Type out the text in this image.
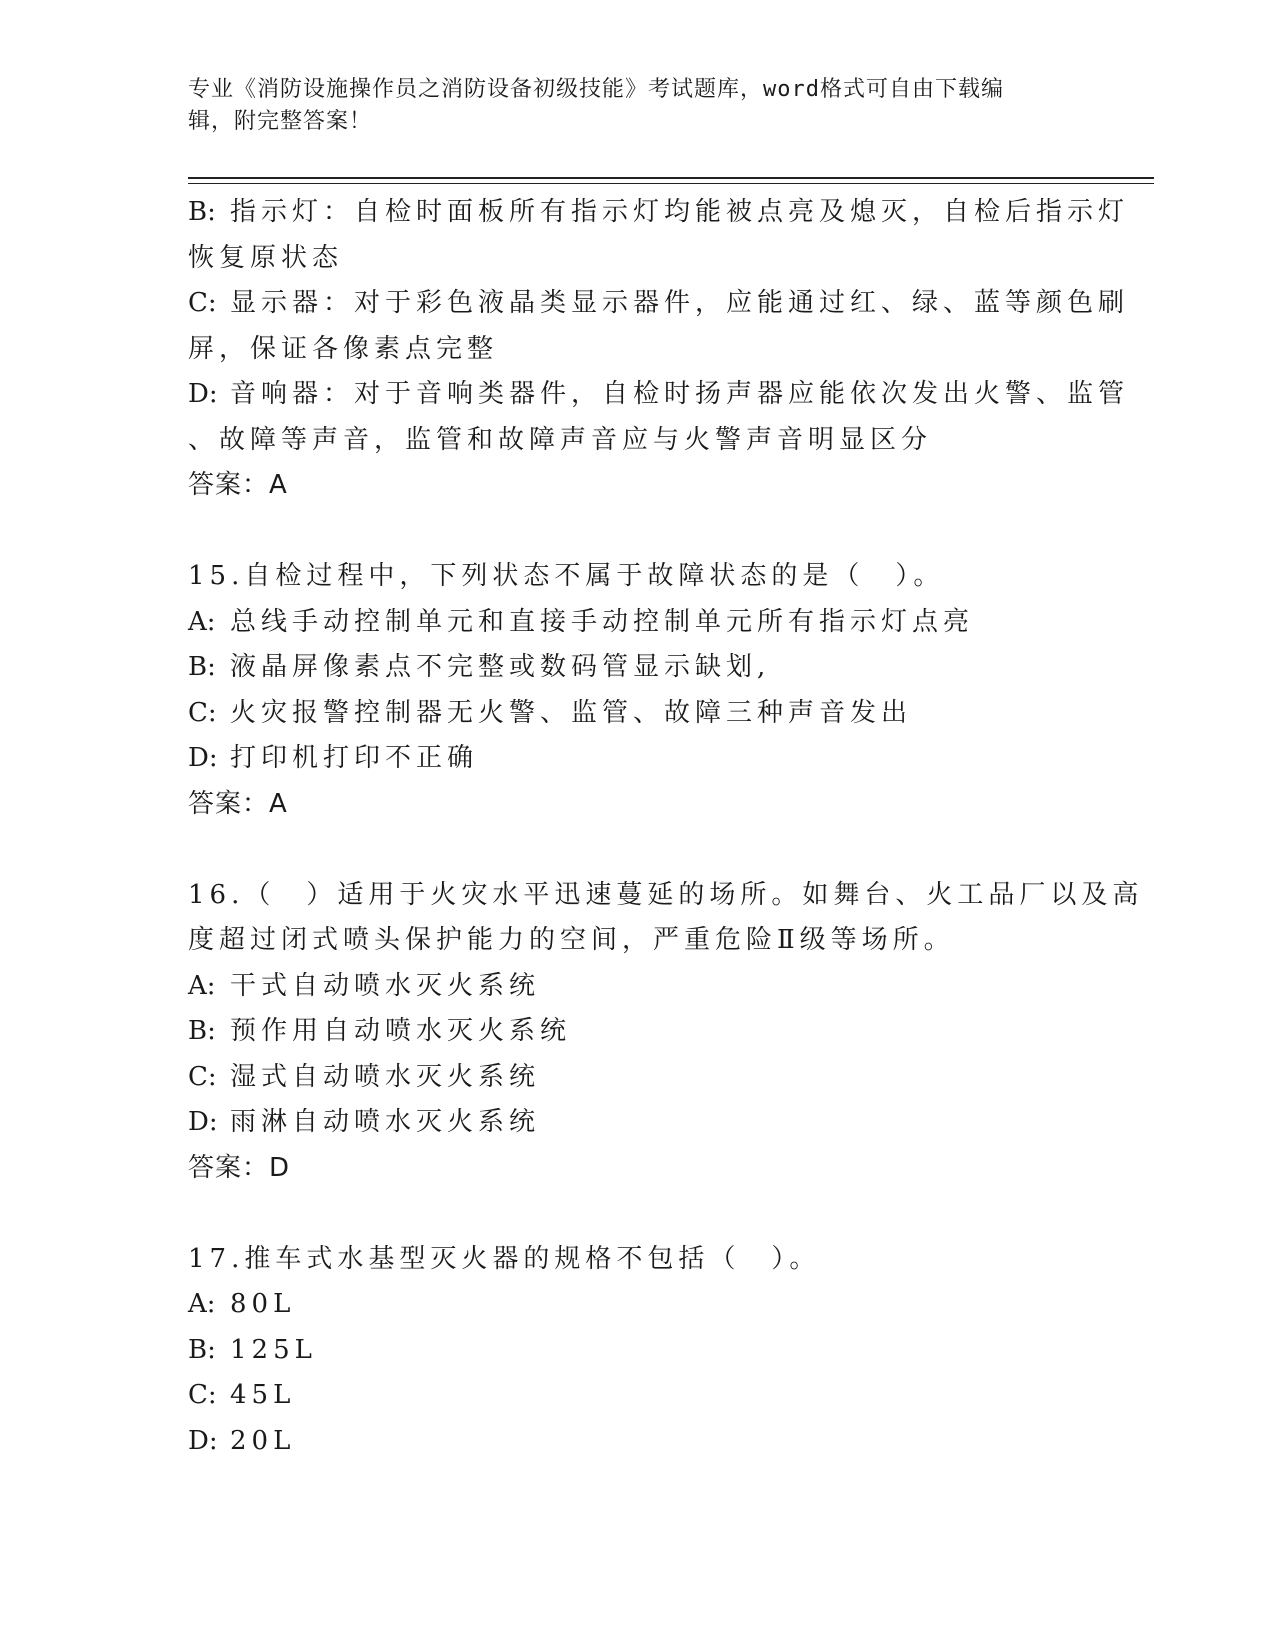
专业《消防设施操作员之消防设备初级技能》考试题库，word格式可自由下载编
辑，附完整答案！
B: 指示灯：自检时面板所有指示灯均能被点亮及熄灭，自检后指示灯
恢复原状态
C: 显示器：对于彩色液晶类显示器件，应能通过红、绿、蓝等颜色刷
屏，保证各像素点完整
D: 音响器：对于音响类器件，自检时扬声器应能依次发出火警、监管
、故障等声音，监管和故障声音应与火警声音明显区分
答案：A
15.自检过程中，下列状态不属于故障状态的是（　）。
A: 总线手动控制单元和直接手动控制单元所有指示灯点亮
B: 液晶屏像素点不完整或数码管显示缺划,
C: 火灾报警控制器无火警、监管、故障三种声音发出
D: 打印机打印不正确
答案：A
16.（　）适用于火灾水平迅速蔓延的场所。如舞台、火工品厂以及高
度超过闭式喷头保护能力的空间，严重危险Ⅱ级等场所。
A: 干式自动喷水灭火系统
B: 预作用自动喷水灭火系统
C: 湿式自动喷水灭火系统
D: 雨淋自动喷水灭火系统
答案：D
17.推车式水基型灭火器的规格不包括（　）。
A: 80L
B: 125L
C: 45L
D: 20L
